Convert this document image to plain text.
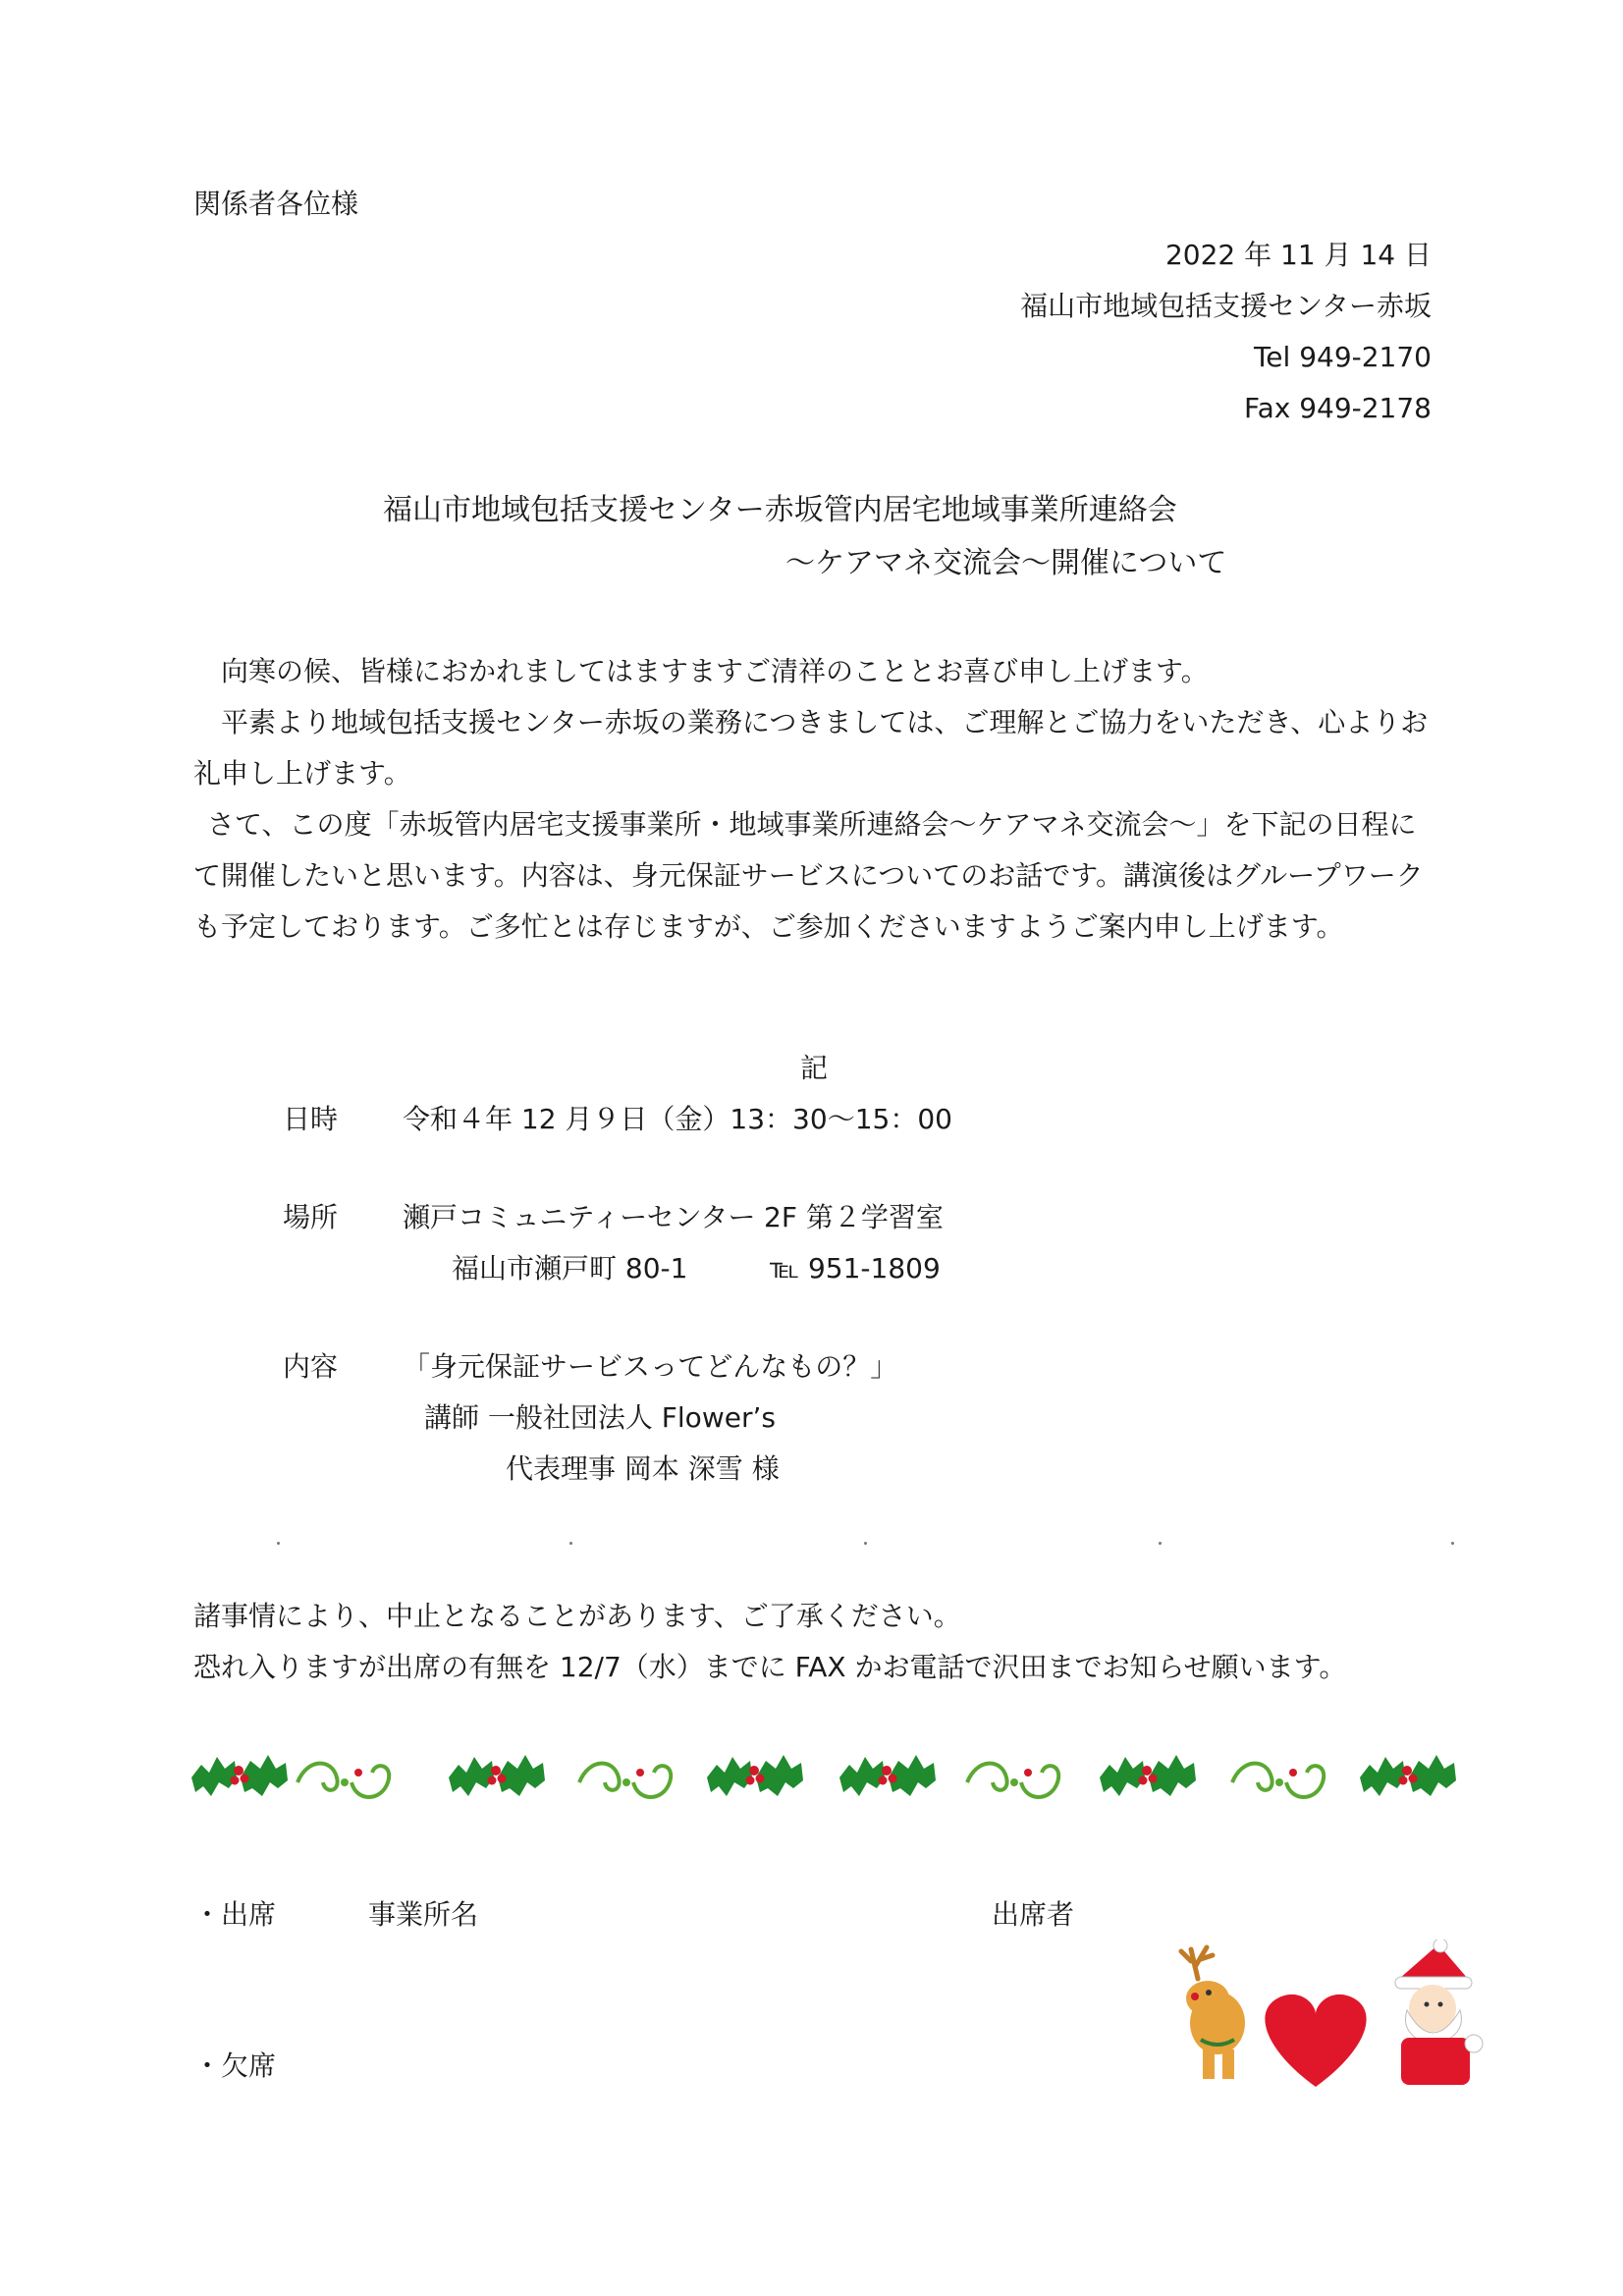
関係者各位様
2022 年 11 月 14 日
福山市地域包括支援センター赤坂
Tel 949-2170
Fax 949-2178
福山市地域包括支援センター赤坂管内居宅地域事業所連絡会
～ケアマネ交流会～開催について

向寒の候、皆様におかれましてはますますご清祥のこととお喜び申し上げます。

平素より地域包括支援センター赤坂の業務につきましては、ご理解とご協力をいただき、心よりお礼申し上げます。

さて、この度「赤坂管内居宅支援事業所・地域事業所連絡会～ケアマネ交流会～」を下記の日程にて開催したいと思います。内容は、身元保証サービスについてのお話です。講演後はグループワークも予定しております。ご多忙とは存じますが、ご参加くださいますようご案内申し上げます。

記
日時 令和４年 12 月９日（金）13：30～15：00
場所 瀬戸コミュニティーセンター 2F 第２学習室
福山市瀬戸町 80-1	℡ 951-1809
内容 「身元保証サービスってどんなもの？」
講師 一般社団法人 Flower’s
代表理事 岡本 深雪 様
諸事情により、中止となることがあります、ご了承ください。
恐れ入りますが出席の有無を 12/7（水）までに FAX かお電話で沢田までお知らせ願います。
・出席	事業所名	出席者
・欠席
